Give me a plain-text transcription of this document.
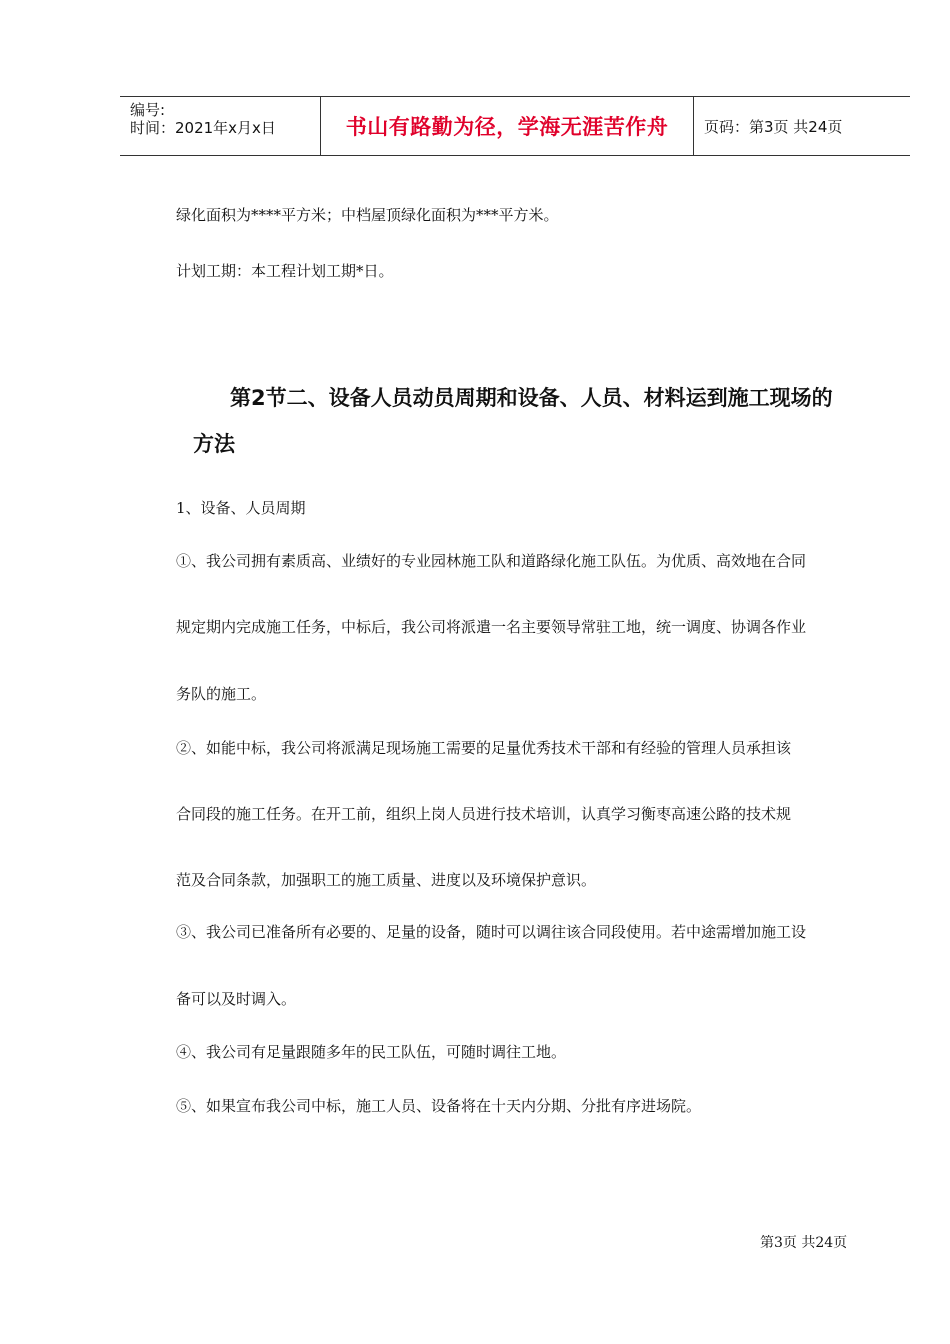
编号:
时间：2021年x月x日	书山有路勤为径，学海无涯苦作舟 页码：第3页 共24页
绿化面积为****平方米；中档屋顶绿化面积为***平方米。
计划工期：本工程计划工期*日。
第2节二、设备人员动员周期和设备、人员、材料运到施工现场的
方法
1、设备、人员周期
①、我公司拥有素质高、业绩好的专业园林施工队和道路绿化施工队伍。为优质、高效地在合同
规定期内完成施工任务，中标后，我公司将派遣一名主要领导常驻工地，统一调度、协调各作业
务队的施工。
②、如能中标，我公司将派满足现场施工需要的足量优秀技术干部和有经验的管理人员承担该
合同段的施工任务。在开工前，组织上岗人员进行技术培训，认真学习衡枣高速公路的技术规
范及合同条款，加强职工的施工质量、进度以及环境保护意识。
③、我公司已准备所有必要的、足量的设备，随时可以调往该合同段使用。若中途需增加施工设
备可以及时调入。
④、我公司有足量跟随多年的民工队伍，可随时调往工地。
⑤、如果宣布我公司中标，施工人员、设备将在十天内分期、分批有序进场院。
第3页 共24页
